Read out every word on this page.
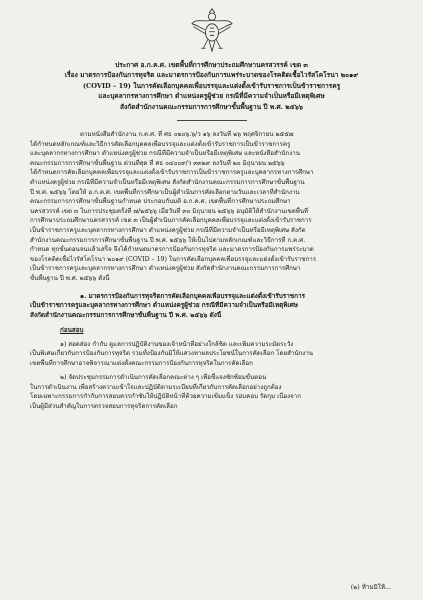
ประกาศ อ.ก.ค.ศ. เขตพื้นที่การศึกษาประถมศึกษานครสวรรค์ เขต ๓
เรื่อง มาตรการป้องกันการทุจริต และมาตรการป้องกันการแพร่ระบาดของโรคติดเชื้อไวรัสโคโรนา ๒๐๑๙
(COVID – 19) ในการคัดเลือกบุคคลเพื่อบรรจุและแต่งตั้งเข้ารับราชการเป็นข้าราชการครู
และบุคลากรทางการศึกษา ตำแหน่งครูผู้ช่วย กรณีที่มีความจำเป็นหรือมีเหตุพิเศษ
สังกัดสำนักงานคณะกรรมการการศึกษาขั้นพื้นฐาน ปี พ.ศ. ๒๕๖๖
ตามหนังสือสำนักงาน ก.ค.ศ. ที่ ศธ ๐๒๐๖.๖/ว ๑๖ ลงวันที่ ๒๖ พฤศจิกายน ๒๕๕๗
ได้กำหนดหลักเกณฑ์และวิธีการคัดเลือกบุคคลเพื่อบรรจุและแต่งตั้งเข้ารับราชการเป็นข้าราชการครู
และบุคลากรทางการศึกษา ตำแหน่งครูผู้ช่วย กรณีที่มีความจำเป็นหรือมีเหตุพิเศษ และหนังสือสำนักงาน
คณะกรรมการการศึกษาขั้นพื้นฐาน ด่วนที่สุด ที่ ศธ ๐๔๐๐๙/ว ๓๓๒๙ ลงวันที่ ๒๐ มิถุนายน ๒๕๖๖
ได้กำหนดการคัดเลือกบุคคลเพื่อบรรจุและแต่งตั้งเข้ารับราชการเป็นข้าราชการครูและบุคลากรทางการศึกษา
ตำแหน่งครูผู้ช่วย กรณีที่มีความจำเป็นหรือมีเหตุพิเศษ สังกัดสำนักงานคณะกรรมการการศึกษาขั้นพื้นฐาน
ปี พ.ศ. ๒๕๖๖ โดยให้ อ.ก.ค.ศ. เขตพื้นที่การศึกษาเป็นผู้ดำเนินการคัดเลือกตามวันและเวลาที่สำนักงาน
คณะกรรมการการศึกษาขั้นพื้นฐานกำหนด ประกอบกับมติ อ.ก.ค.ศ. เขตพื้นที่การศึกษาประถมศึกษา
นครสวรรค์ เขต ๓ ในการประชุมครั้งที่ ๗/๒๕๖๖ เมื่อวันที่ ๓๐ มิถุนายน ๒๕๖๖ อนุมัติให้สำนักงานเขตพื้นที่
การศึกษาประถมศึกษานครสวรรค์ เขต ๓ เป็นผู้ดำเนินการคัดเลือกบุคคลเพื่อบรรจุและแต่งตั้งเข้ารับราชการ
เป็นข้าราชการครูและบุคลากรทางการศึกษา ตำแหน่งครูผู้ช่วย กรณีที่มีความจำเป็นหรือมีเหตุพิเศษ สังกัด
สำนักงานคณะกรรมการการศึกษาขั้นพื้นฐาน ปี พ.ศ. ๒๕๖๖ ให้เป็นไปตามหลักเกณฑ์และวิธีการที่ ก.ค.ศ.
กำหนด ทุกขั้นตอนจนแล้วเสร็จ จึงได้กำหนดมาตรการป้องกันการทุจริต และมาตรการป้องกันการแพร่ระบาด
ของโรคติดเชื้อไวรัสโคโรนา ๒๐๑๙ (COVID – 19) ในการคัดเลือกบุคคลเพื่อบรรจุและแต่งตั้งเข้ารับราชการ
เป็นข้าราชการครูและบุคลากรทางการศึกษา ตำแหน่งครูผู้ช่วย สังกัดสำนักงานคณะกรรมการการศึกษา
ขั้นพื้นฐาน ปี พ.ศ. ๒๕๖๖ ดังนี้
๑. มาตรการป้องกันการทุจริตการคัดเลือกบุคคลเพื่อบรรจุและแต่งตั้งเข้ารับราชการ
เป็นข้าราชการครูและบุคลากรทางการศึกษา ตำแหน่งครูผู้ช่วย กรณีที่มีความจำเป็นหรือมีเหตุพิเศษ
สังกัดสำนักงานคณะกรรมการการศึกษาขั้นพื้นฐาน ปี พ.ศ. ๒๕๖๖ ดังนี้
ก่อนสอบ
๑) สอดส่อง กำกับ ดูแลการปฏิบัติงานของเจ้าหน้าที่อย่างใกล้ชิด และเพิ่มความระมัดระวัง
เป็นพิเศษเกี่ยวกับการป้องกันการทุจริต รวมทั้งป้องกันมิให้แสวงหาผลประโยชน์ในการคัดเลือก โดยสำนักงาน
เขตพื้นที่การศึกษาอาจพิจารณาแต่งตั้งคณะกรรมการป้องกันการทุจริตในการคัดเลือก
๒) จัดประชุมกรรมการดำเนินการคัดเลือกคณะต่าง ๆ เพื่อชี้แจงซักซ้อมขั้นตอน
ในการดำเนินงาน เพื่อสร้างความเข้าใจและปฏิบัติตามระเบียบที่เกี่ยวกับการคัดเลือกอย่างถูกต้อง
โดยเฉพาะกรรมการกำกับการสอบควรกำชับให้ปฏิบัติหน้าที่ด้วยความเข้มแข็ง รอบคอบ รัดกุม เนื่องจาก
เป็นผู้มีส่วนสำคัญในการตรวจสอบการทุจริตการคัดเลือก
(๒) ห้ามมิให้...
